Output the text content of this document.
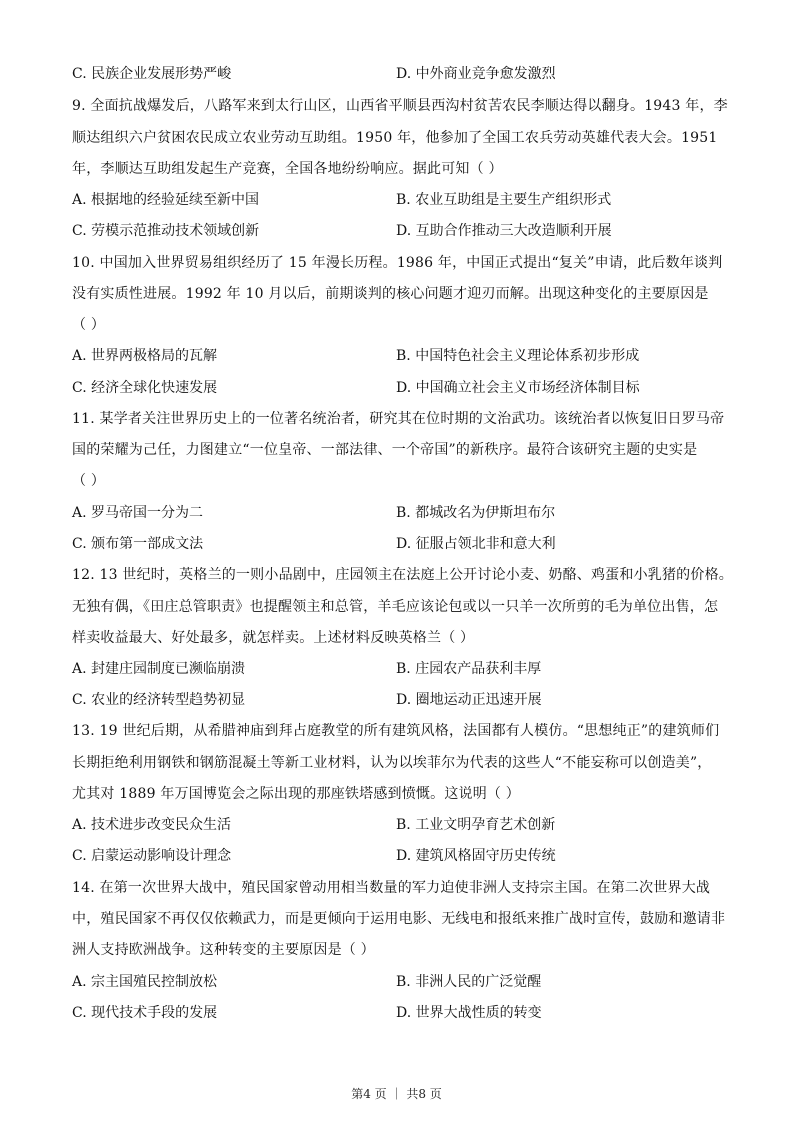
C. 民族企业发展形势严峻	D. 中外商业竞争愈发激烈
9. 全面抗战爆发后，八路军来到太行山区，山西省平顺县西沟村贫苦农民李顺达得以翻身。1943 年，李
顺达组织六户贫困农民成立农业劳动互助组。1950 年，他参加了全国工农兵劳动英雄代表大会。1951
年，李顺达互助组发起生产竞赛，全国各地纷纷响应。据此可知（ ）
A. 根据地的经验延续至新中国	B. 农业互助组是主要生产组织形式
C. 劳模示范推动技术领域创新	D. 互助合作推动三大改造顺利开展
10. 中国加入世界贸易组织经历了 15 年漫长历程。1986 年，中国正式提出“复关”申请，此后数年谈判
没有实质性进展。1992 年 10 月以后，前期谈判的核心问题才迎刃而解。出现这种变化的主要原因是
（ ）
A. 世界两极格局的瓦解	B. 中国特色社会主义理论体系初步形成
C. 经济全球化快速发展	D. 中国确立社会主义市场经济体制目标
11. 某学者关注世界历史上的一位著名统治者，研究其在位时期的文治武功。该统治者以恢复旧日罗马帝
国的荣耀为己任，力图建立“一位皇帝、一部法律、一个帝国”的新秩序。最符合该研究主题的史实是
（ ）
A. 罗马帝国一分为二	B. 都城改名为伊斯坦布尔
C. 颁布第一部成文法	D. 征服占领北非和意大利
12. 13 世纪时，英格兰的一则小品剧中，庄园领主在法庭上公开讨论小麦、奶酪、鸡蛋和小乳猪的价格。
无独有偶，《田庄总管职责》也提醒领主和总管，羊毛应该论包或以一只羊一次所剪的毛为单位出售，怎
样卖收益最大、好处最多，就怎样卖。上述材料反映英格兰（ ）
A. 封建庄园制度已濒临崩溃	B. 庄园农产品获利丰厚
C. 农业的经济转型趋势初显	D. 圈地运动正迅速开展
13. 19 世纪后期，从希腊神庙到拜占庭教堂的所有建筑风格，法国都有人模仿。“思想纯正”的建筑师们
长期拒绝利用钢铁和钢筋混凝土等新工业材料，认为以埃菲尔为代表的这些人“不能妄称可以创造美”，
尤其对 1889 年万国博览会之际出现的那座铁塔感到愤慨。这说明（ ）
A. 技术进步改变民众生活	B. 工业文明孕育艺术创新
C. 启蒙运动影响设计理念	D. 建筑风格固守历史传统
14. 在第一次世界大战中，殖民国家曾动用相当数量的军力迫使非洲人支持宗主国。在第二次世界大战
中，殖民国家不再仅仅依赖武力，而是更倾向于运用电影、无线电和报纸来推广战时宣传，鼓励和邀请非
洲人支持欧洲战争。这种转变的主要原因是（ ）
A. 宗主国殖民控制放松	B. 非洲人民的广泛觉醒
C. 现代技术手段的发展	D. 世界大战性质的转变
第4 页 ｜ 共8 页
